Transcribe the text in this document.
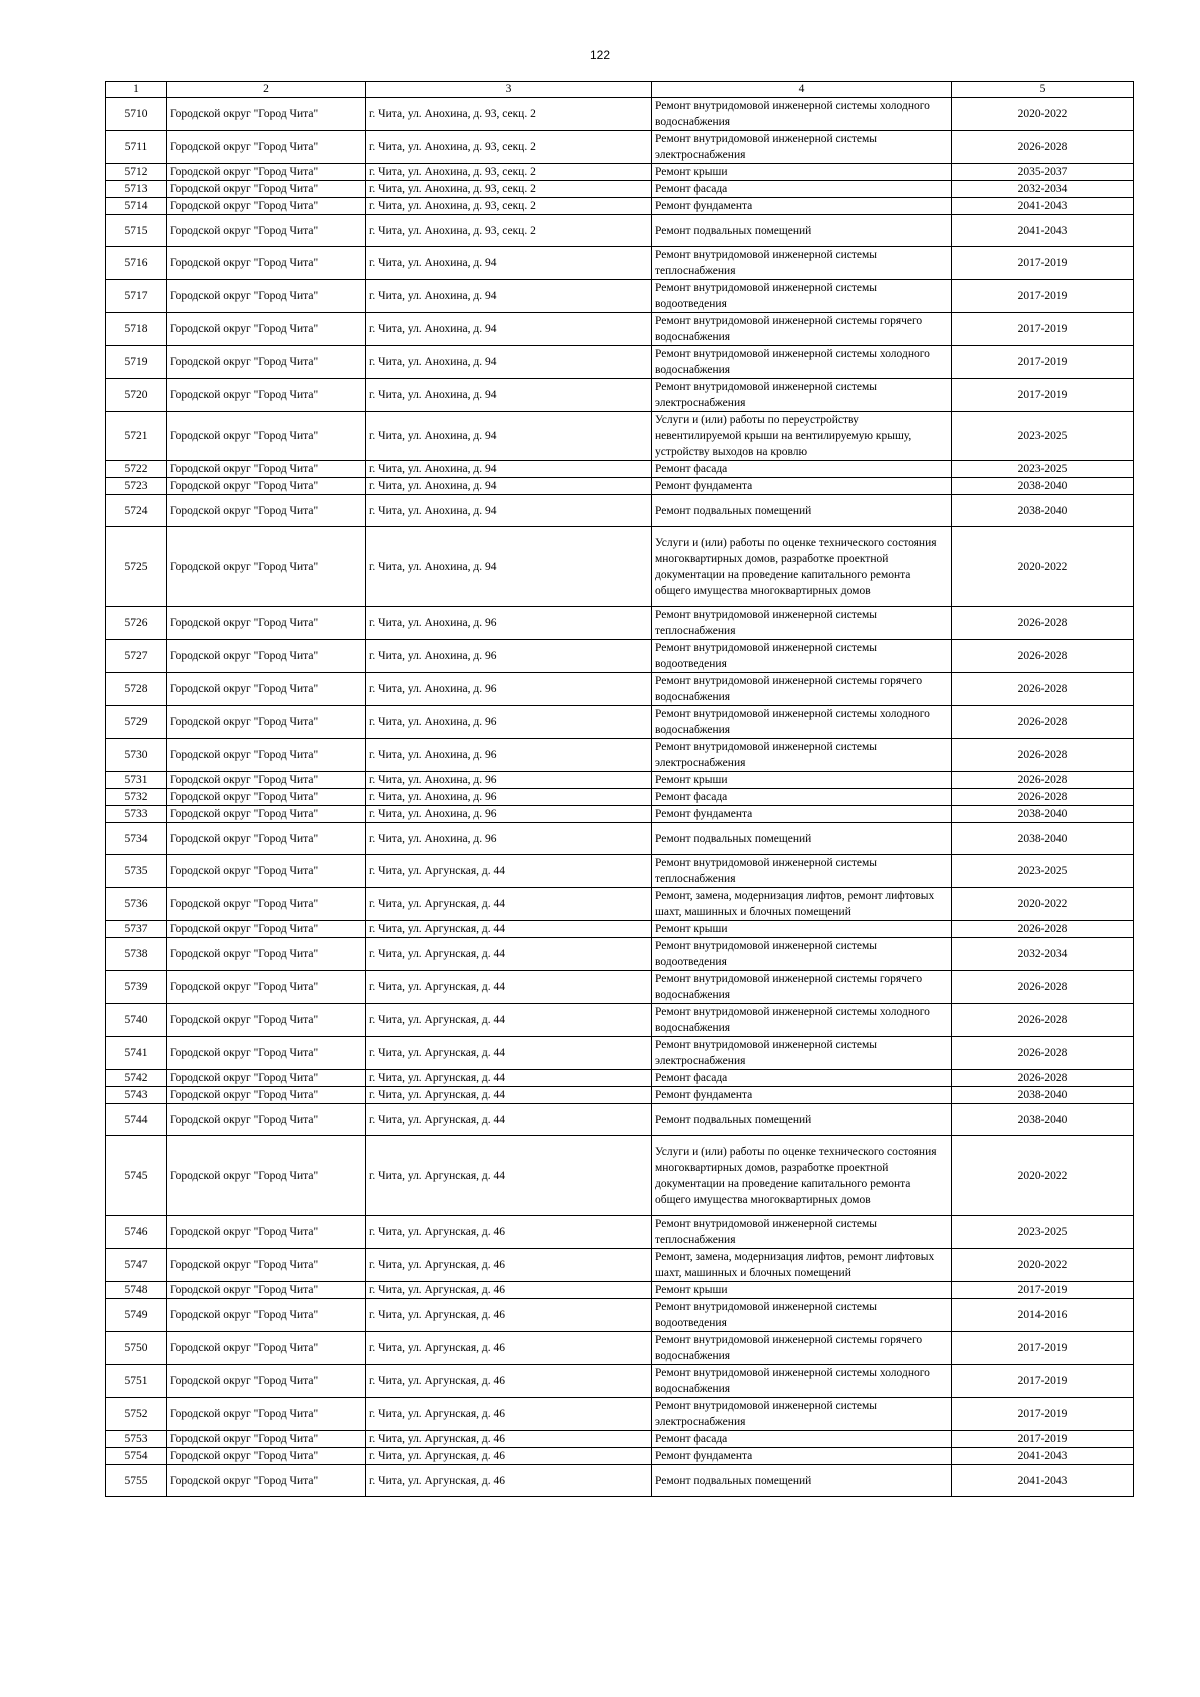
122
1	2	3	4	5
5710	Городской округ "Город Чита"	г. Чита, ул. Анохина, д. 93, секц. 2	Ремонт внутридомовой инженерной системы холодного водоснабжения	2020-2022
5711	Городской округ "Город Чита"	г. Чита, ул. Анохина, д. 93, секц. 2	Ремонт внутридомовой инженерной системы электроснабжения	2026-2028
5712	Городской округ "Город Чита"	г. Чита, ул. Анохина, д. 93, секц. 2	Ремонт крыши	2035-2037
5713	Городской округ "Город Чита"	г. Чита, ул. Анохина, д. 93, секц. 2	Ремонт фасада	2032-2034
5714	Городской округ "Город Чита"	г. Чита, ул. Анохина, д. 93, секц. 2	Ремонт фундамента	2041-2043
5715	Городской округ "Город Чита"	г. Чита, ул. Анохина, д. 93, секц. 2	Ремонт подвальных помещений	2041-2043
5716	Городской округ "Город Чита"	г. Чита, ул. Анохина, д. 94	Ремонт внутридомовой инженерной системы теплоснабжения	2017-2019
5717	Городской округ "Город Чита"	г. Чита, ул. Анохина, д. 94	Ремонт внутридомовой инженерной системы водоотведения	2017-2019
5718	Городской округ "Город Чита"	г. Чита, ул. Анохина, д. 94	Ремонт внутридомовой инженерной системы горячего водоснабжения	2017-2019
5719	Городской округ "Город Чита"	г. Чита, ул. Анохина, д. 94	Ремонт внутридомовой инженерной системы холодного водоснабжения	2017-2019
5720	Городской округ "Город Чита"	г. Чита, ул. Анохина, д. 94	Ремонт внутридомовой инженерной системы электроснабжения	2017-2019
5721	Городской округ "Город Чита"	г. Чита, ул. Анохина, д. 94	Услуги и (или) работы по переустройству невентилируемой крыши на вентилируемую крышу, устройству выходов на кровлю	2023-2025
5722	Городской округ "Город Чита"	г. Чита, ул. Анохина, д. 94	Ремонт фасада	2023-2025
5723	Городской округ "Город Чита"	г. Чита, ул. Анохина, д. 94	Ремонт фундамента	2038-2040
5724	Городской округ "Город Чита"	г. Чита, ул. Анохина, д. 94	Ремонт подвальных помещений	2038-2040
5725	Городской округ "Город Чита"	г. Чита, ул. Анохина, д. 94	Услуги и (или) работы по оценке технического состояния многоквартирных домов, разработке проектной документации на проведение капитального ремонта общего имущества многоквартирных домов	2020-2022
5726	Городской округ "Город Чита"	г. Чита, ул. Анохина, д. 96	Ремонт внутридомовой инженерной системы теплоснабжения	2026-2028
5727	Городской округ "Город Чита"	г. Чита, ул. Анохина, д. 96	Ремонт внутридомовой инженерной системы водоотведения	2026-2028
5728	Городской округ "Город Чита"	г. Чита, ул. Анохина, д. 96	Ремонт внутридомовой инженерной системы горячего водоснабжения	2026-2028
5729	Городской округ "Город Чита"	г. Чита, ул. Анохина, д. 96	Ремонт внутридомовой инженерной системы холодного водоснабжения	2026-2028
5730	Городской округ "Город Чита"	г. Чита, ул. Анохина, д. 96	Ремонт внутридомовой инженерной системы электроснабжения	2026-2028
5731	Городской округ "Город Чита"	г. Чита, ул. Анохина, д. 96	Ремонт крыши	2026-2028
5732	Городской округ "Город Чита"	г. Чита, ул. Анохина, д. 96	Ремонт фасада	2026-2028
5733	Городской округ "Город Чита"	г. Чита, ул. Анохина, д. 96	Ремонт фундамента	2038-2040
5734	Городской округ "Город Чита"	г. Чита, ул. Анохина, д. 96	Ремонт подвальных помещений	2038-2040
5735	Городской округ "Город Чита"	г. Чита, ул. Аргунская, д. 44	Ремонт внутридомовой инженерной системы теплоснабжения	2023-2025
5736	Городской округ "Город Чита"	г. Чита, ул. Аргунская, д. 44	Ремонт, замена, модернизация лифтов, ремонт лифтовых шахт, машинных и блочных помещений	2020-2022
5737	Городской округ "Город Чита"	г. Чита, ул. Аргунская, д. 44	Ремонт крыши	2026-2028
5738	Городской округ "Город Чита"	г. Чита, ул. Аргунская, д. 44	Ремонт внутридомовой инженерной системы водоотведения	2032-2034
5739	Городской округ "Город Чита"	г. Чита, ул. Аргунская, д. 44	Ремонт внутридомовой инженерной системы горячего водоснабжения	2026-2028
5740	Городской округ "Город Чита"	г. Чита, ул. Аргунская, д. 44	Ремонт внутридомовой инженерной системы холодного водоснабжения	2026-2028
5741	Городской округ "Город Чита"	г. Чита, ул. Аргунская, д. 44	Ремонт внутридомовой инженерной системы электроснабжения	2026-2028
5742	Городской округ "Город Чита"	г. Чита, ул. Аргунская, д. 44	Ремонт фасада	2026-2028
5743	Городской округ "Город Чита"	г. Чита, ул. Аргунская, д. 44	Ремонт фундамента	2038-2040
5744	Городской округ "Город Чита"	г. Чита, ул. Аргунская, д. 44	Ремонт подвальных помещений	2038-2040
5745	Городской округ "Город Чита"	г. Чита, ул. Аргунская, д. 44	Услуги и (или) работы по оценке технического состояния многоквартирных домов, разработке проектной документации на проведение капитального ремонта общего имущества многоквартирных домов	2020-2022
5746	Городской округ "Город Чита"	г. Чита, ул. Аргунская, д. 46	Ремонт внутридомовой инженерной системы теплоснабжения	2023-2025
5747	Городской округ "Город Чита"	г. Чита, ул. Аргунская, д. 46	Ремонт, замена, модернизация лифтов, ремонт лифтовых шахт, машинных и блочных помещений	2020-2022
5748	Городской округ "Город Чита"	г. Чита, ул. Аргунская, д. 46	Ремонт крыши	2017-2019
5749	Городской округ "Город Чита"	г. Чита, ул. Аргунская, д. 46	Ремонт внутридомовой инженерной системы водоотведения	2014-2016
5750	Городской округ "Город Чита"	г. Чита, ул. Аргунская, д. 46	Ремонт внутридомовой инженерной системы горячего водоснабжения	2017-2019
5751	Городской округ "Город Чита"	г. Чита, ул. Аргунская, д. 46	Ремонт внутридомовой инженерной системы холодного водоснабжения	2017-2019
5752	Городской округ "Город Чита"	г. Чита, ул. Аргунская, д. 46	Ремонт внутридомовой инженерной системы электроснабжения	2017-2019
5753	Городской округ "Город Чита"	г. Чита, ул. Аргунская, д. 46	Ремонт фасада	2017-2019
5754	Городской округ "Город Чита"	г. Чита, ул. Аргунская, д. 46	Ремонт фундамента	2041-2043
5755	Городской округ "Город Чита"	г. Чита, ул. Аргунская, д. 46	Ремонт подвальных помещений	2041-2043
